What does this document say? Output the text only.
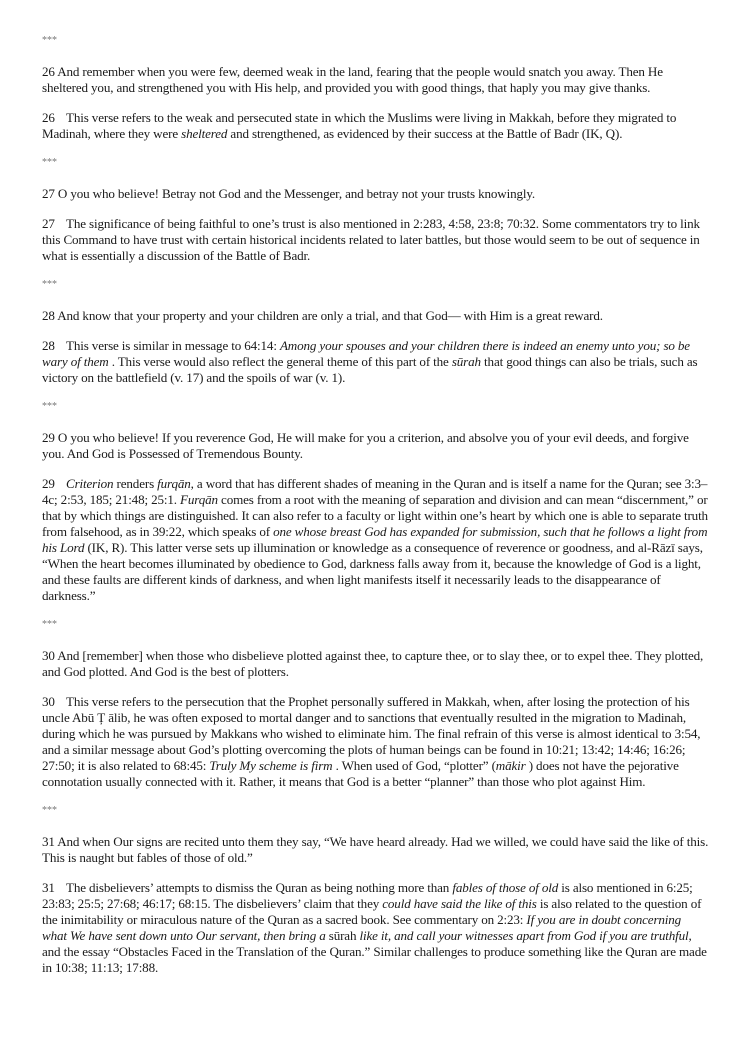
***

26 And remember when you were few, deemed weak in the land, fearing that the people would snatch you away. Then He sheltered you, and strengthened you with His help, and provided you with good things, that haply you may give thanks.

26 This verse refers to the weak and persecuted state in which the Muslims were living in Makkah, before they migrated to Madinah, where they were sheltered and strengthened, as evidenced by their success at the Battle of Badr (IK, Q).

***

27 O you who believe! Betray not God and the Messenger, and betray not your trusts knowingly.

27 The significance of being faithful to one’s trust is also mentioned in 2:283, 4:58, 23:8; 70:32. Some commentators try to link this Command to have trust with certain historical incidents related to later battles, but those would seem to be out of sequence in what is essentially a discussion of the Battle of Badr.

***

28 And know that your property and your children are only a trial, and that God— with Him is a great reward.

28 This verse is similar in message to 64:14: Among your spouses and your children there is indeed an enemy unto you; so be wary of them . This verse would also reflect the general theme of this part of the sūrah that good things can also be trials, such as victory on the battlefield (v. 17) and the spoils of war (v. 1).

***

29 O you who believe! If you reverence God, He will make for you a criterion, and absolve you of your evil deeds, and forgive you. And God is Possessed of Tremendous Bounty.

29 Criterion renders furqān, a word that has different shades of meaning in the Quran and is itself a name for the Quran; see 3:3– 4c; 2:53, 185; 21:48; 25:1. Furqān comes from a root with the meaning of separation and division and can mean “discernment,” or that by which things are distinguished. It can also refer to a faculty or light within one’s heart by which one is able to separate truth from falsehood, as in 39:22, which speaks of one whose breast God has expanded for submission, such that he follows a light from his Lord (IK, R). This latter verse sets up illumination or knowledge as a consequence of reverence or goodness, and al-Rāzī says, “When the heart becomes illuminated by obedience to God, darkness falls away from it, because the knowledge of God is a light, and these faults are different kinds of darkness, and when light manifests itself it necessarily leads to the disappearance of darkness.”

***

30 And [remember] when those who disbelieve plotted against thee, to capture thee, or to slay thee, or to expel thee. They plotted, and God plotted. And God is the best of plotters.

30 This verse refers to the persecution that the Prophet personally suffered in Makkah, when, after losing the protection of his uncle Abū Ț ālib, he was often exposed to mortal danger and to sanctions that eventually resulted in the migration to Madinah, during which he was pursued by Makkans who wished to eliminate him. The final refrain of this verse is almost identical to 3:54, and a similar message about God’s plotting overcoming the plots of human beings can be found in 10:21; 13:42; 14:46; 16:26; 27:50; it is also related to 68:45: Truly My scheme is firm . When used of God, “plotter” (mākir ) does not have the pejorative connotation usually connected with it. Rather, it means that God is a better “planner” than those who plot against Him.

***

31 And when Our signs are recited unto them they say, “We have heard already. Had we willed, we could have said the like of this. This is naught but fables of those of old.”

31 The disbelievers’ attempts to dismiss the Quran as being nothing more than fables of those of old is also mentioned in 6:25; 23:83; 25:5; 27:68; 46:17; 68:15. The disbelievers’ claim that they could have said the like of this is also related to the question of the inimitability or miraculous nature of the Quran as a sacred book. See commentary on 2:23: If you are in doubt concerning what We have sent down unto Our servant, then bring a sūrah like it, and call your witnesses apart from God if you are truthful, and the essay “Obstacles Faced in the Translation of the Quran.” Similar challenges to produce something like the Quran are made in 10:38; 11:13; 17:88.
